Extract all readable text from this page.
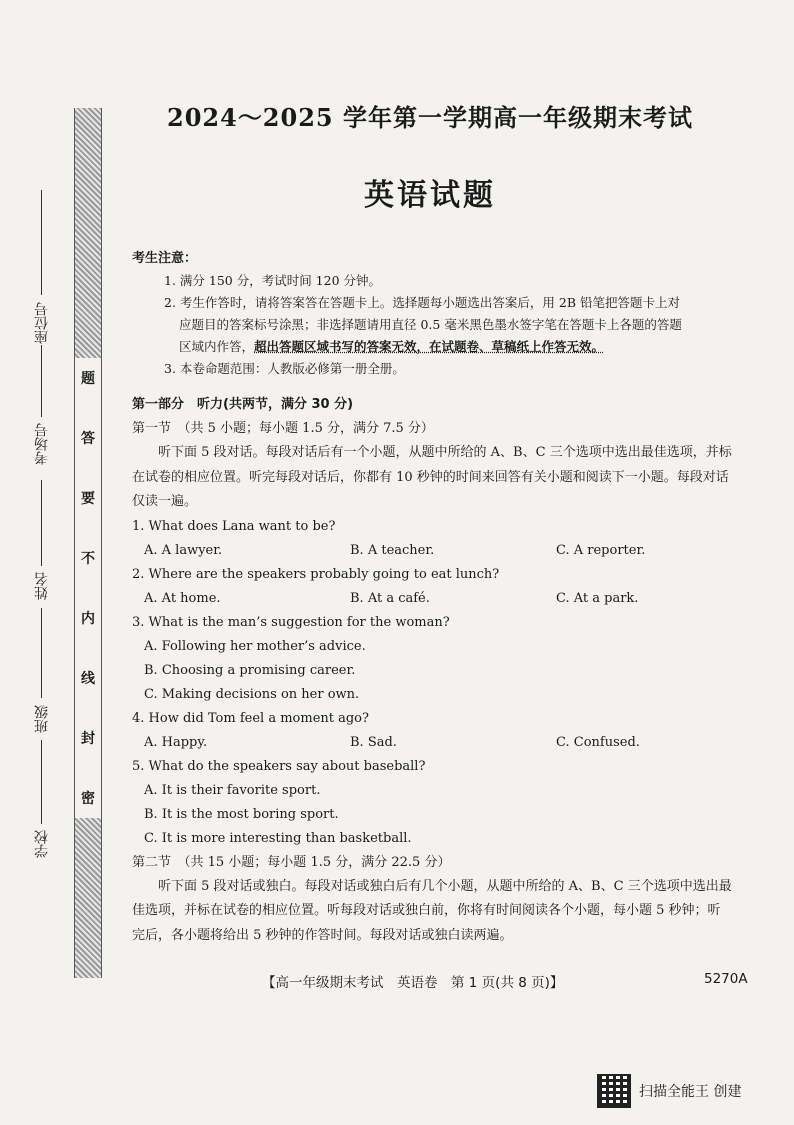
题
答
要
不
内
线
封
密
座位号
考场号
姓名
班级
学校
2024～2025 学年第一学期高一年级期末考试
英语试题
考生注意：
1. 满分 150 分，考试时间 120 分钟。
2. 考生作答时，请将答案答在答题卡上。选择题每小题选出答案后，用 2B 铅笔把答题卡上对
应题目的答案标号涂黑；非选择题请用直径 0.5 毫米黑色墨水签字笔在答题卡上各题的答题
区域内作答，超出答题区域书写的答案无效，在试题卷、草稿纸上作答无效。
3. 本卷命题范围：人教版必修第一册全册。
第一部分　听力(共两节，满分 30 分)
第一节　（共 5 小题；每小题 1.5 分，满分 7.5 分）
听下面 5 段对话。每段对话后有一个小题，从题中所给的 A、B、C 三个选项中选出最佳选项，并标在试卷的相应位置。听完每段对话后，你都有 10 秒钟的时间来回答有关小题和阅读下一小题。每段对话仅读一遍。
1. What does Lana want to be?
A. A lawyer.	B. A teacher.	C. A reporter.
2. Where are the speakers probably going to eat lunch?
A. At home.	B. At a café.	C. At a park.
3. What is the man’s suggestion for the woman?
A. Following her mother’s advice.
B. Choosing a promising career.
C. Making decisions on her own.
4. How did Tom feel a moment ago?
A. Happy.	B. Sad.	C. Confused.
5. What do the speakers say about baseball?
A. It is their favorite sport.
B. It is the most boring sport.
C. It is more interesting than basketball.
第二节　（共 15 小题；每小题 1.5 分，满分 22.5 分）
听下面 5 段对话或独白。每段对话或独白后有几个小题，从题中所给的 A、B、C 三个选项中选出最佳选项，并标在试卷的相应位置。听每段对话或独白前，你将有时间阅读各个小题，每小题 5 秒钟；听完后，各小题将给出 5 秒钟的作答时间。每段对话或独白读两遍。
【高一年级期末考试　英语卷　第 1 页(共 8 页)】	5270A
扫描全能王 创建
